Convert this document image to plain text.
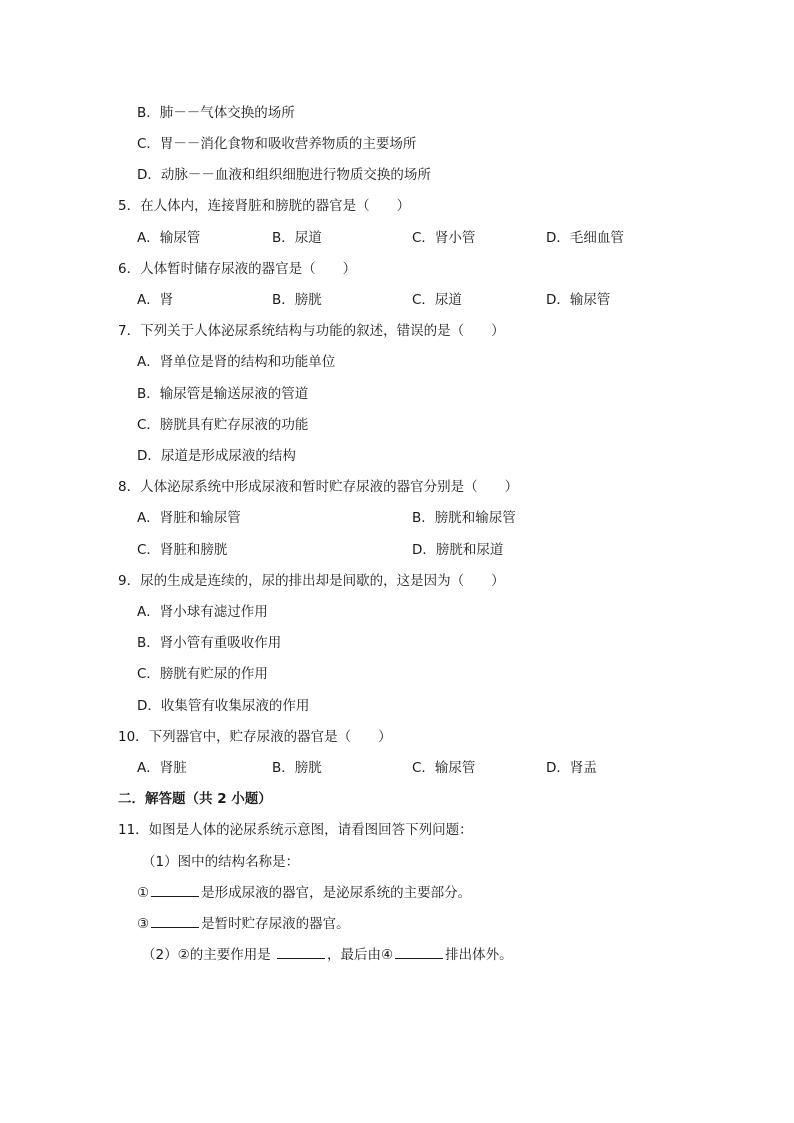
B．肺－－气体交换的场所
C．胃－－消化食物和吸收营养物质的主要场所
D．动脉－－血液和组织细胞进行物质交换的场所
5．在人体内，连接肾脏和膀胱的器官是（　　）
A．输尿管	B．尿道	C．肾小管	D．毛细血管
6．人体暂时储存尿液的器官是（　　）
A．肾	B．膀胱	C．尿道	D．输尿管
7．下列关于人体泌尿系统结构与功能的叙述，错误的是（　　）
A．肾单位是肾的结构和功能单位
B．输尿管是输送尿液的管道
C．膀胱具有贮存尿液的功能
D．尿道是形成尿液的结构
8．人体泌尿系统中形成尿液和暂时贮存尿液的器官分别是（　　）
A．肾脏和输尿管	B．膀胱和输尿管
C．肾脏和膀胱	D．膀胱和尿道
9．尿的生成是连续的，尿的排出却是间歇的，这是因为（　　）
A．肾小球有滤过作用
B．肾小管有重吸收作用
C．膀胱有贮尿的作用
D．收集管有收集尿液的作用
10．下列器官中，贮存尿液的器官是（　　）
A．肾脏	B．膀胱	C．输尿管	D．肾盂
二．解答题（共 2 小题）
11．如图是人体的泌尿系统示意图，请看图回答下列问题：
（1）图中的结构名称是：
①	是形成尿液的器官，是泌尿系统的主要部分。
③	是暂时贮存尿液的器官。
（2）②的主要作用是	，最后由④	排出体外。
